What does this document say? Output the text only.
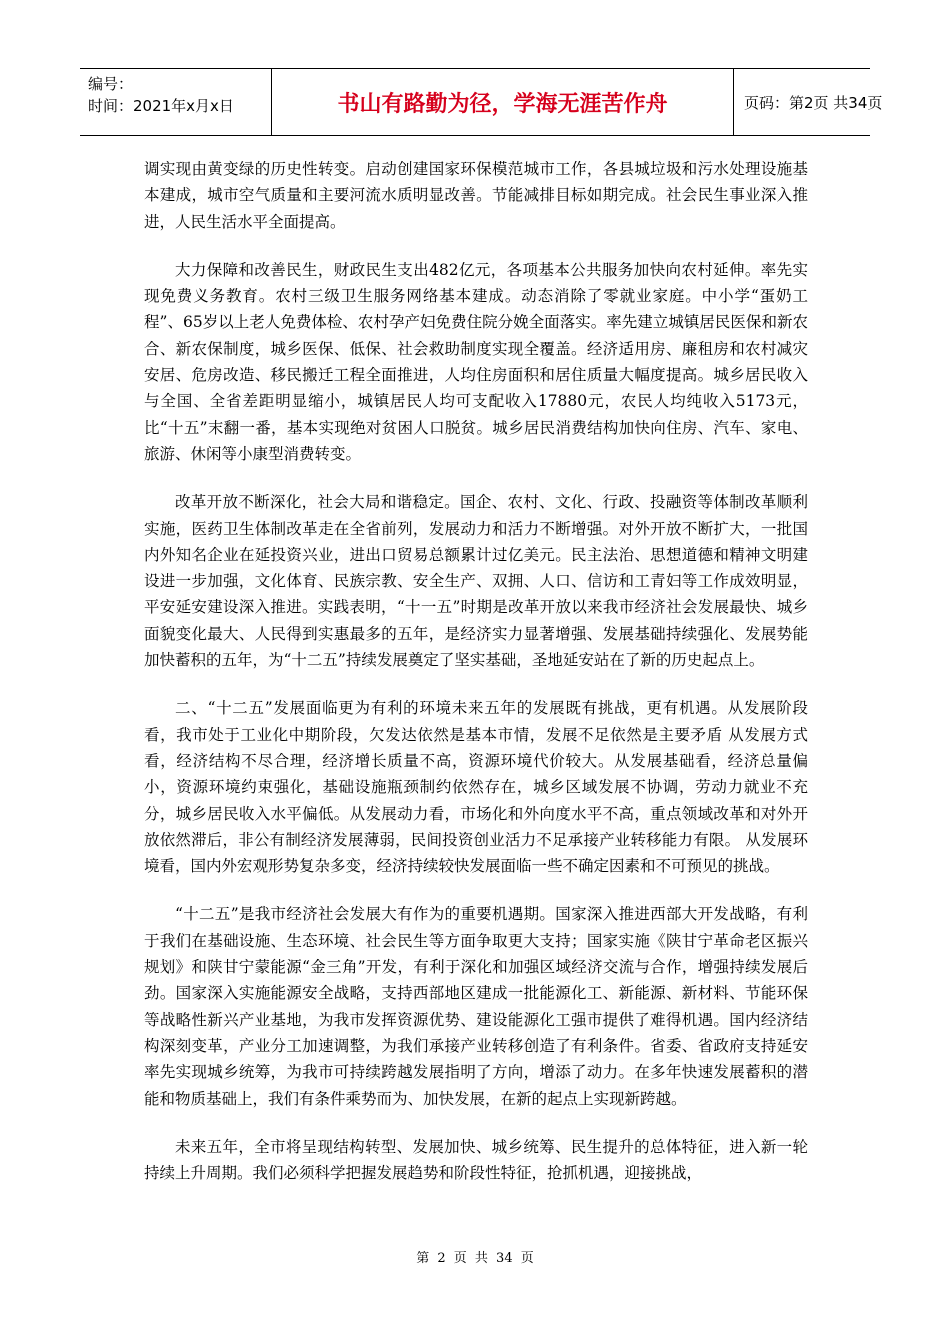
编号：
时间：2021年x月x日	书山有路勤为径，学海无涯苦作舟	页码：第2页 共34页

调实现由黄变绿的历史性转变。启动创建国家环保模范城市工作，各县城垃圾和污水处理设施基本建成，城市空气质量和主要河流水质明显改善。节能减排目标如期完成。社会民生事业深入推进，人民生活水平全面提高。

大力保障和改善民生，财政民生支出482亿元，各项基本公共服务加快向农村延伸。率先实现免费义务教育。农村三级卫生服务网络基本建成。动态消除了零就业家庭。中小学“蛋奶工程”、65岁以上老人免费体检、农村孕产妇免费住院分娩全面落实。率先建立城镇居民医保和新农合、新农保制度，城乡医保、低保、社会救助制度实现全覆盖。经济适用房、廉租房和农村减灾安居、危房改造、移民搬迁工程全面推进，人均住房面积和居住质量大幅度提高。城乡居民收入与全国、全省差距明显缩小，城镇居民人均可支配收入17880元，农民人均纯收入5173元，比“十五”末翻一番，基本实现绝对贫困人口脱贫。城乡居民消费结构加快向住房、汽车、家电、旅游、休闲等小康型消费转变。

改革开放不断深化，社会大局和谐稳定。国企、农村、文化、行政、投融资等体制改革顺利实施，医药卫生体制改革走在全省前列，发展动力和活力不断增强。对外开放不断扩大，一批国内外知名企业在延投资兴业，进出口贸易总额累计过亿美元。民主法治、思想道德和精神文明建设进一步加强，文化体育、民族宗教、安全生产、双拥、人口、信访和工青妇等工作成效明显，平安延安建设深入推进。实践表明，“十一五”时期是改革开放以来我市经济社会发展最快、城乡面貌变化最大、人民得到实惠最多的五年，是经济实力显著增强、发展基础持续强化、发展势能加快蓄积的五年，为“十二五”持续发展奠定了坚实基础，圣地延安站在了新的历史起点上。

二、“十二五”发展面临更为有利的环境未来五年的发展既有挑战，更有机遇。从发展阶段看，我市处于工业化中期阶段，欠发达依然是基本市情，发展不足依然是主要矛盾 从发展方式看，经济结构不尽合理，经济增长质量不高，资源环境代价较大。从发展基础看，经济总量偏小，资源环境约束强化，基础设施瓶颈制约依然存在，城乡区域发展不协调，劳动力就业不充分，城乡居民收入水平偏低。从发展动力看，市场化和外向度水平不高，重点领域改革和对外开放依然滞后，非公有制经济发展薄弱，民间投资创业活力不足承接产业转移能力有限。 从发展环境看，国内外宏观形势复杂多变，经济持续较快发展面临一些不确定因素和不可预见的挑战。

“十二五”是我市经济社会发展大有作为的重要机遇期。国家深入推进西部大开发战略，有利于我们在基础设施、生态环境、社会民生等方面争取更大支持；国家实施《陕甘宁革命老区振兴规划》和陕甘宁蒙能源“金三角”开发，有利于深化和加强区域经济交流与合作，增强持续发展后劲。国家深入实施能源安全战略，支持西部地区建成一批能源化工、新能源、新材料、节能环保等战略性新兴产业基地，为我市发挥资源优势、建设能源化工强市提供了难得机遇。国内经济结构深刻变革，产业分工加速调整，为我们承接产业转移创造了有利条件。省委、省政府支持延安率先实现城乡统筹，为我市可持续跨越发展指明了方向，增添了动力。在多年快速发展蓄积的潜能和物质基础上，我们有条件乘势而为、加快发展，在新的起点上实现新跨越。

未来五年，全市将呈现结构转型、发展加快、城乡统筹、民生提升的总体特征，进入新一轮持续上升周期。我们必须科学把握发展趋势和阶段性特征，抢抓机遇，迎接挑战，

第 2 页 共 34 页
